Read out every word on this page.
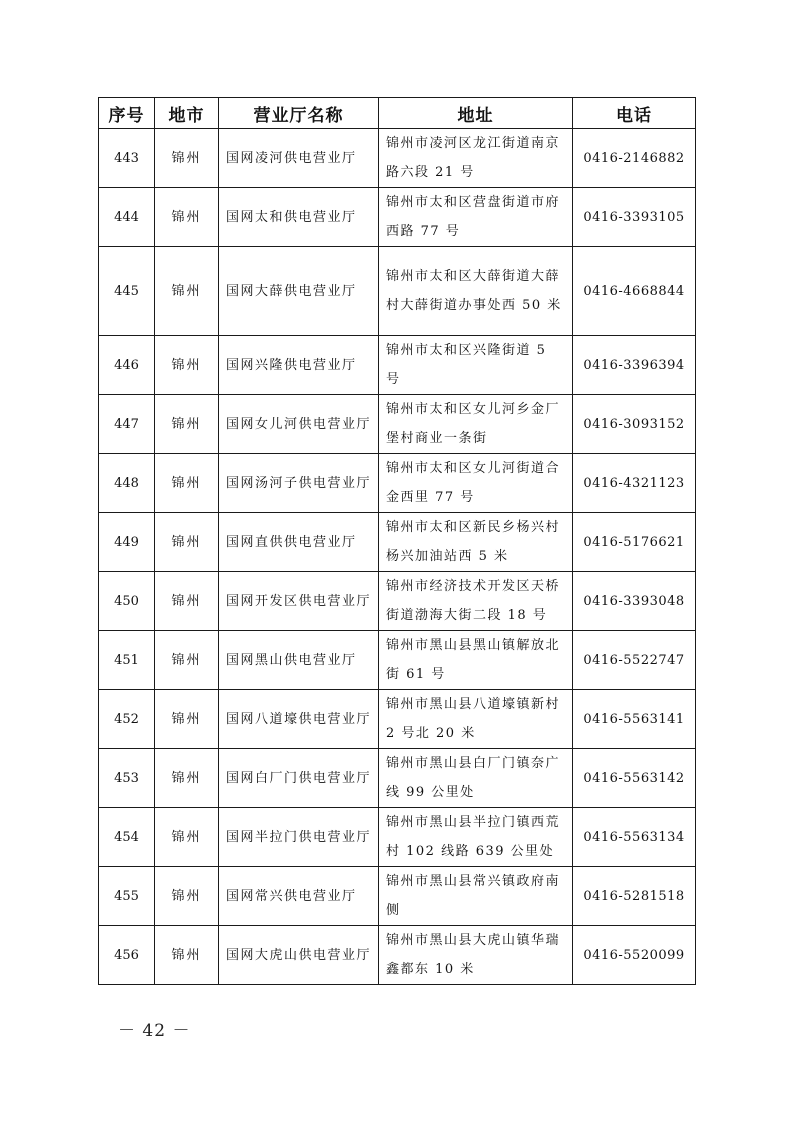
序号	地市	营业厅名称	地址	电话
443	锦州	国网凌河供电营业厅	锦州市凌河区龙江街道南京路六段 21 号	0416-2146882
444	锦州	国网太和供电营业厅	锦州市太和区营盘街道市府西路 77 号	0416-3393105
445	锦州	国网大薛供电营业厅	锦州市太和区大薛街道大薛村大薛街道办事处西 50 米	0416-4668844
446	锦州	国网兴隆供电营业厅	锦州市太和区兴隆街道 5 号	0416-3396394
447	锦州	国网女儿河供电营业厅	锦州市太和区女儿河乡金厂堡村商业一条街	0416-3093152
448	锦州	国网汤河子供电营业厅	锦州市太和区女儿河街道合金西里 77 号	0416-4321123
449	锦州	国网直供供电营业厅	锦州市太和区新民乡杨兴村杨兴加油站西 5 米	0416-5176621
450	锦州	国网开发区供电营业厅	锦州市经济技术开发区天桥街道渤海大街二段 18 号	0416-3393048
451	锦州	国网黑山供电营业厅	锦州市黑山县黑山镇解放北街 61 号	0416-5522747
452	锦州	国网八道壕供电营业厅	锦州市黑山县八道壕镇新村 2 号北 20 米	0416-5563141
453	锦州	国网白厂门供电营业厅	锦州市黑山县白厂门镇奈广线 99 公里处	0416-5563142
454	锦州	国网半拉门供电营业厅	锦州市黑山县半拉门镇西荒村 102 线路 639 公里处	0416-5563134
455	锦州	国网常兴供电营业厅	锦州市黑山县常兴镇政府南侧	0416-5281518
456	锦州	国网大虎山供电营业厅	锦州市黑山县大虎山镇华瑞鑫都东 10 米	0416-5520099
－ 42 －
